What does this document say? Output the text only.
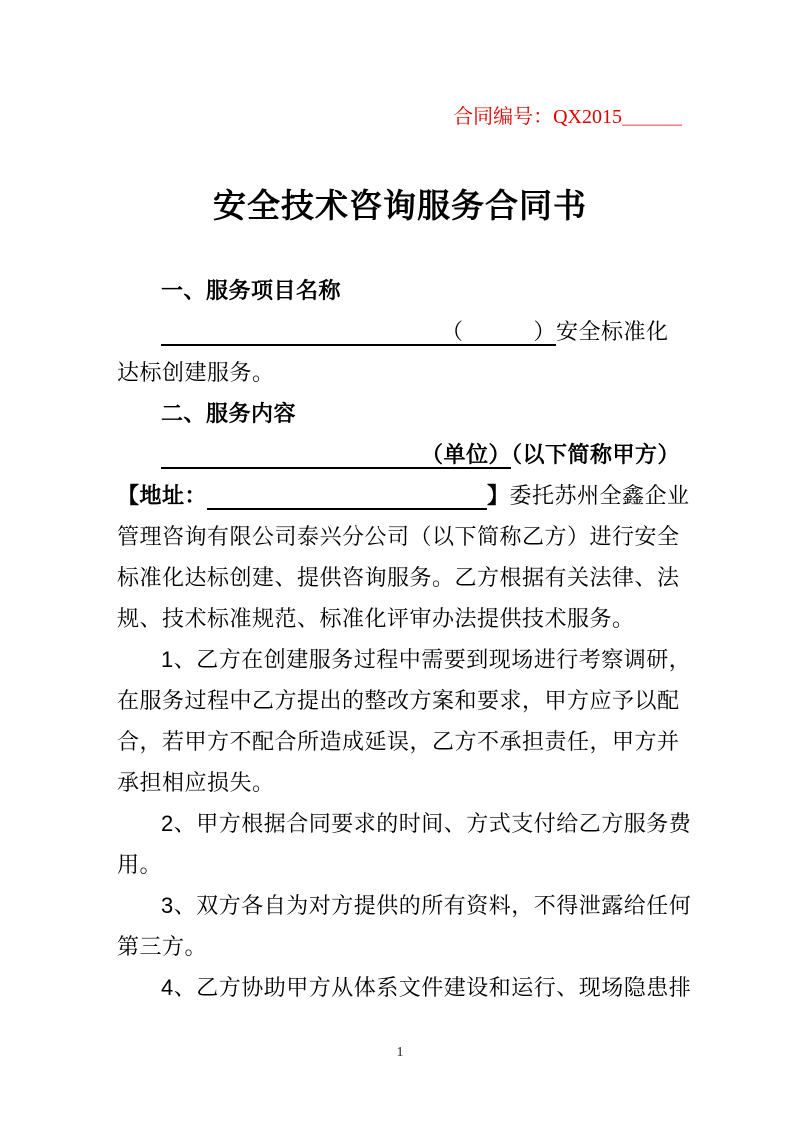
合同编号：QX2015＿＿＿
安全技术咨询服务合同书
一、服务项目名称
（	）安全标准化
达标创建服务。
二、服务内容
（单位）（以下简称甲方）
【地址：	】委托苏州全鑫企业
管理咨询有限公司泰兴分公司（以下简称乙方）进行安全
标准化达标创建、提供咨询服务。乙方根据有关法律、法
规、技术标准规范、标准化评审办法提供技术服务。
1、乙方在创建服务过程中需要到现场进行考察调研，
在服务过程中乙方提出的整改方案和要求，甲方应予以配
合，若甲方不配合所造成延误，乙方不承担责任，甲方并
承担相应损失。
2、甲方根据合同要求的时间、方式支付给乙方服务费
用。
3、双方各自为对方提供的所有资料，不得泄露给任何
第三方。
4、乙方协助甲方从体系文件建设和运行、现场隐患排
1
